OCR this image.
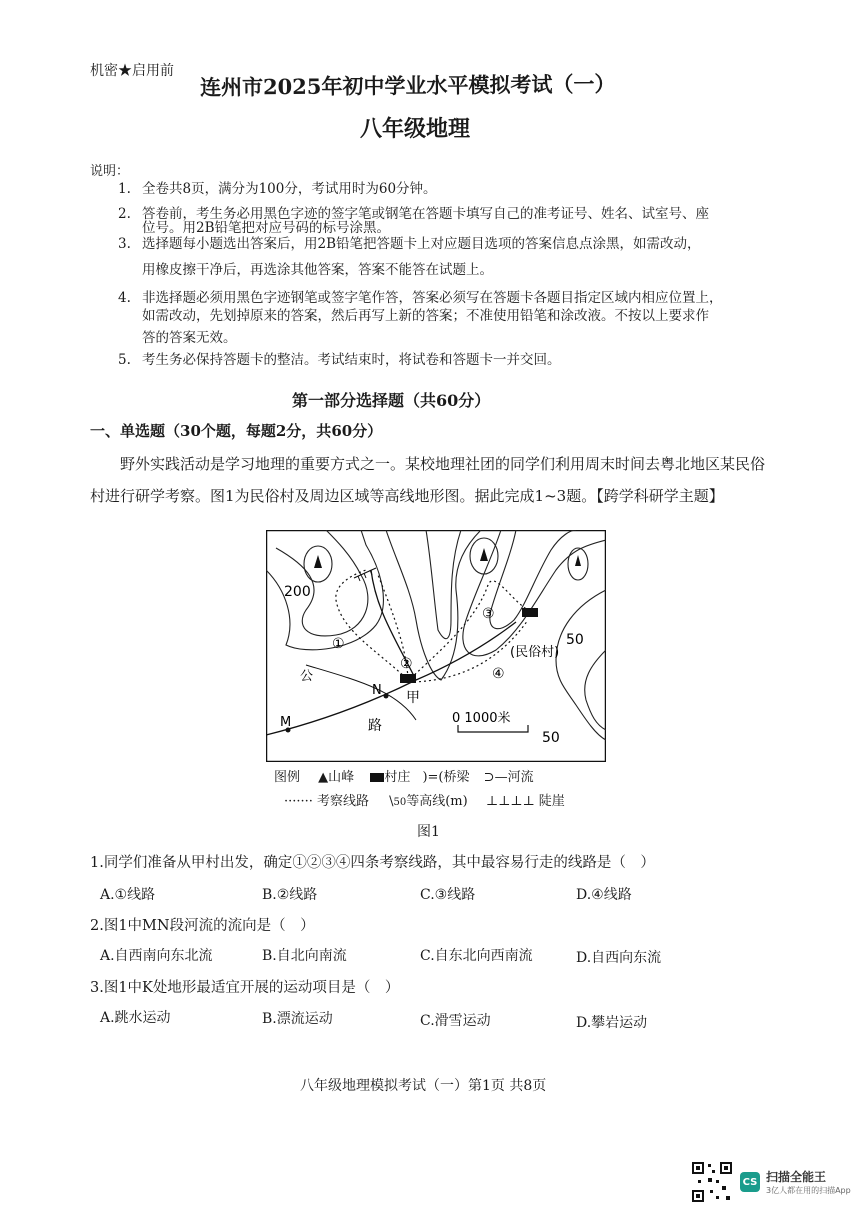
机密★启用前
连州市2025年初中学业水平模拟考试（一）
八年级地理
说明：
1. 全卷共8页，满分为100分，考试用时为60分钟。
2. 答卷前，考生务必用黑色字迹的签字笔或钢笔在答题卡填写自己的准考证号、姓名、试室号、座
位号。用2B铅笔把对应号码的标号涂黑。
3. 选择题每小题选出答案后，用2B铅笔把答题卡上对应题目选项的答案信息点涂黑，如需改动，
用橡皮擦干净后，再选涂其他答案，答案不能答在试题上。
4. 非选择题必须用黑色字迹钢笔或签字笔作答，答案必须写在答题卡各题目指定区域内相应位置上，
如需改动，先划掉原来的答案，然后再写上新的答案；不准使用铅笔和涂改液。不按以上要求作
答的答案无效。
5. 考生务必保持答题卡的整洁。考试结束时，将试卷和答题卡一并交回。
第一部分选择题（共60分）
一、单选题（30个题，每题2分，共60分）
野外实践活动是学习地理的重要方式之一。某校地理社团的同学们利用周末时间去粤北地区某民俗村进行研学考察。图1为民俗村及周边区域等高线地形图。据此完成1~3题。【跨学科研学主题】
200
50
50
①
②
③
④
(民俗村)
甲
N
M
公
路	0 1000米
图例 ▲山峰 村庄 )=(桥梁 ⊃—河流
······· 考察线路 \50等高线(m) ⊥⊥⊥⊥ 陡崖
图1
1.同学们准备从甲村出发，确定①②③④四条考察线路，其中最容易行走的线路是（　）
A.①线路	B.②线路	C.③线路	D.④线路
2.图1中MN段河流的流向是（　）
A.自西南向东北流	B.自北向南流	C.自东北向西南流	D.自西向东流
3.图1中K处地形最适宜开展的运动项目是（　）
A.跳水运动	B.漂流运动	C.滑雪运动	D.攀岩运动
八年级地理模拟考试（一）第1页 共8页
CS 扫描全能王
3亿人都在用的扫描App
